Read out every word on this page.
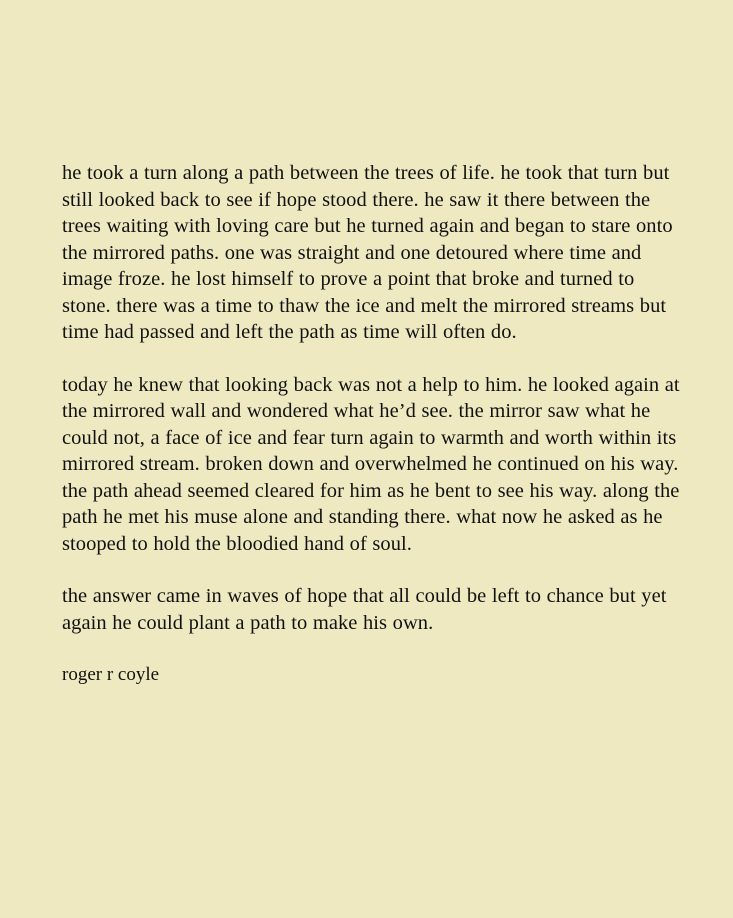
he took a turn along a path between the trees of life. he took that turn but still looked back to see if hope stood there. he saw it there between the trees waiting with loving care but he turned again and began to stare onto the mirrored paths. one was straight and one detoured where time and image froze. he lost himself to prove a point that broke and turned to stone. there was a time to thaw the ice and melt the mirrored streams but time had passed and left the path as time will often do.

today he knew that looking back was not a help to him. he looked again at the mirrored wall and wondered what he’d see. the mirror saw what he could not, a face of ice and fear turn again to warmth and worth within its mirrored stream. broken down and overwhelmed he continued on his way. the path ahead seemed cleared for him as he bent to see his way. along the path he met his muse alone and standing there. what now he asked as he stooped to hold the bloodied hand of soul.

the answer came in waves of hope that all could be left to chance but yet again he could plant a path to make his own.

roger r coyle
